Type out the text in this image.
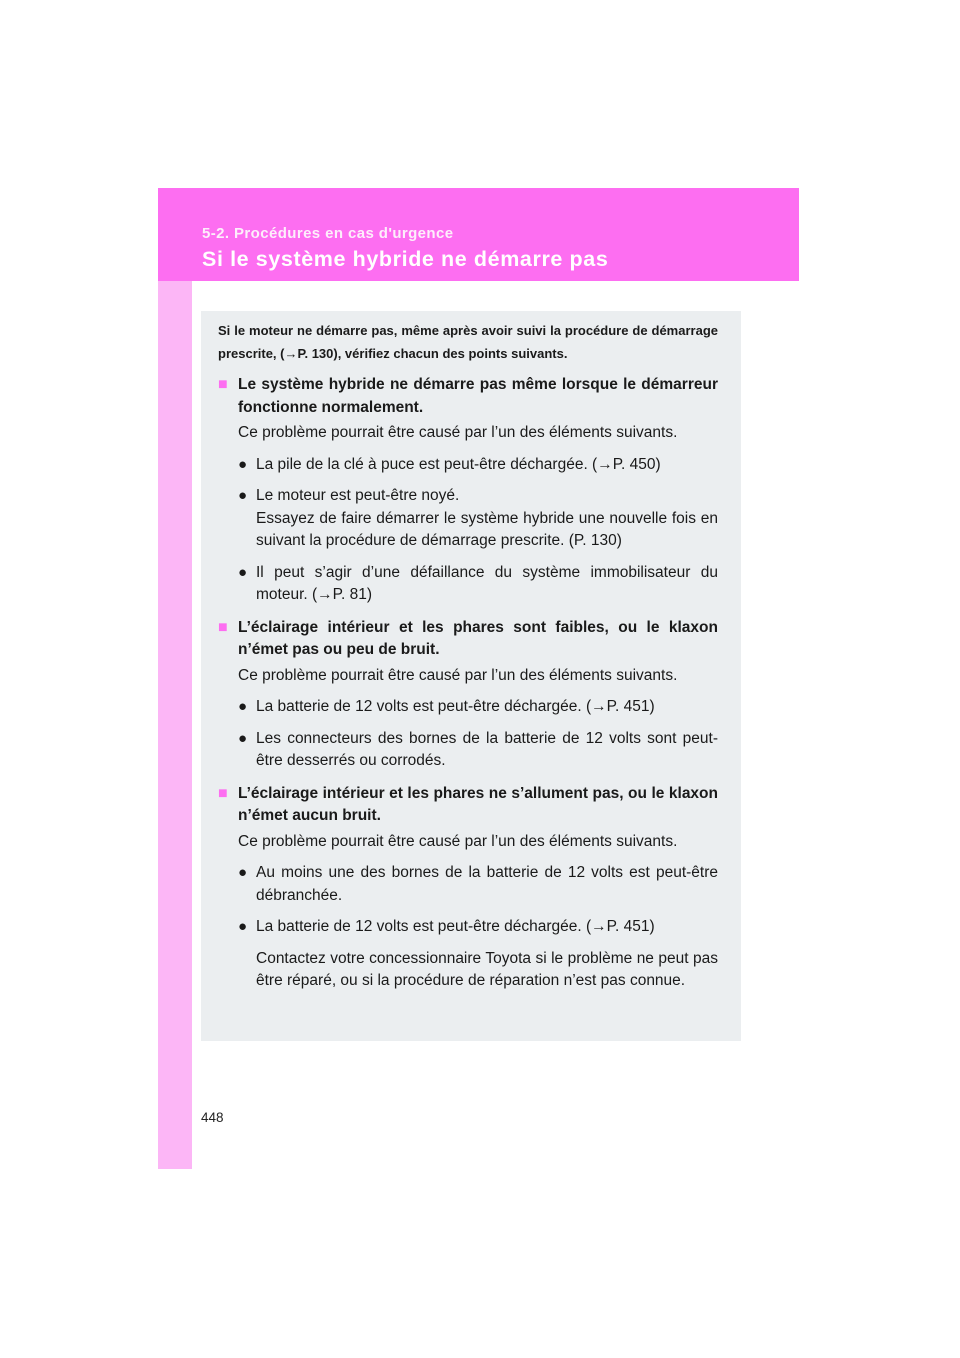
5-2. Procédures en cas d'urgence
Si le système hybride ne démarre pas

Si le moteur ne démarre pas, même après avoir suivi la procédure de démarrage prescrite, (→P. 130), vérifiez chacun des points suivants.

■ Le système hybride ne démarre pas même lorsque le démarreur fonctionne normalement.
Ce problème pourrait être causé par l’un des éléments suivants.
● La pile de la clé à puce est peut-être déchargée. (→P. 450)
● Le moteur est peut-être noyé.
Essayez de faire démarrer le système hybride une nouvelle fois en suivant la procédure de démarrage prescrite. (P. 130)
● Il peut s’agir d’une défaillance du système immobilisateur du moteur. (→P. 81)
■ L’éclairage intérieur et les phares sont faibles, ou le klaxon n’émet pas ou peu de bruit.
Ce problème pourrait être causé par l’un des éléments suivants.
● La batterie de 12 volts est peut-être déchargée. (→P. 451)
● Les connecteurs des bornes de la batterie de 12 volts sont peut-être desserrés ou corrodés.
■ L’éclairage intérieur et les phares ne s’allument pas, ou le klaxon n’émet aucun bruit.
Ce problème pourrait être causé par l’un des éléments suivants.
● Au moins une des bornes de la batterie de 12 volts est peut-être débranchée.
● La batterie de 12 volts est peut-être déchargée. (→P. 451)
Contactez votre concessionnaire Toyota si le problème ne peut pas être réparé, ou si la procédure de réparation n’est pas connue.
448
